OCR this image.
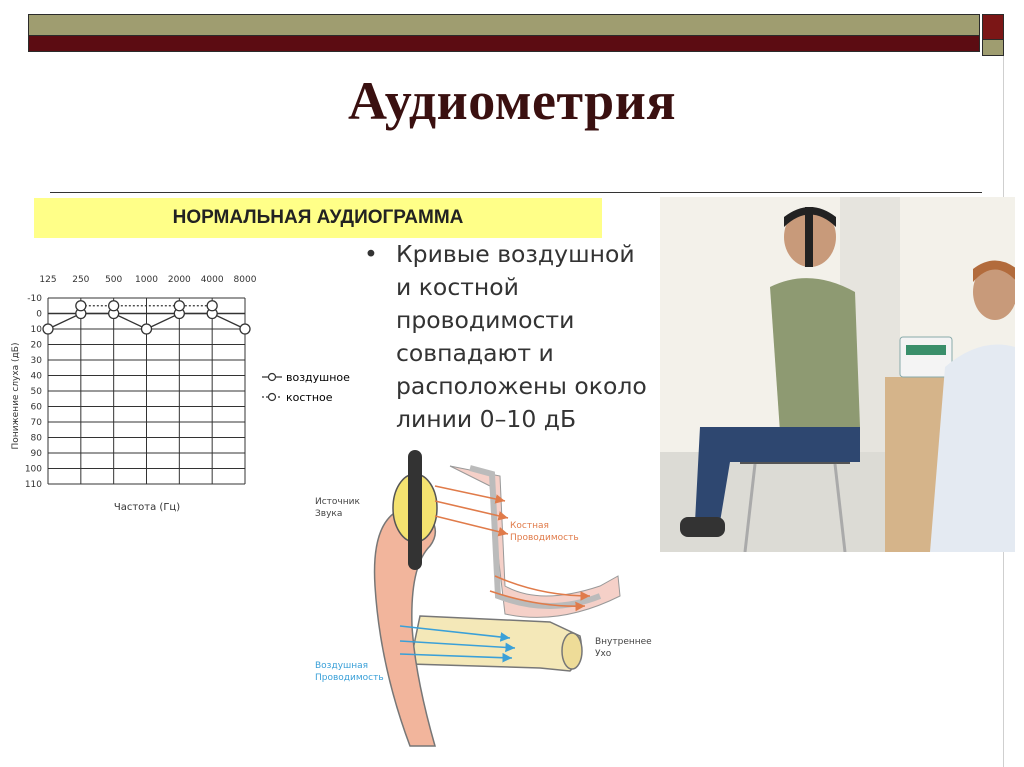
Аудиометрия
НОРМАЛЬНАЯ АУДИОГРАММА
• Кривые воздушной
и костной
проводимости
совпадают и
расположены около
линии 0–10 дБ
125 250 500 1000 2000 4000 8000
-10
0
10
20
30
40
50
60
70
80
90
100
110
Понижение слуха (дБ)
Частота (Гц)
воздушное
костное
Источник
Звука
Костная
Проводимость
Внутреннее
Ухо
Воздушная
Проводимость
